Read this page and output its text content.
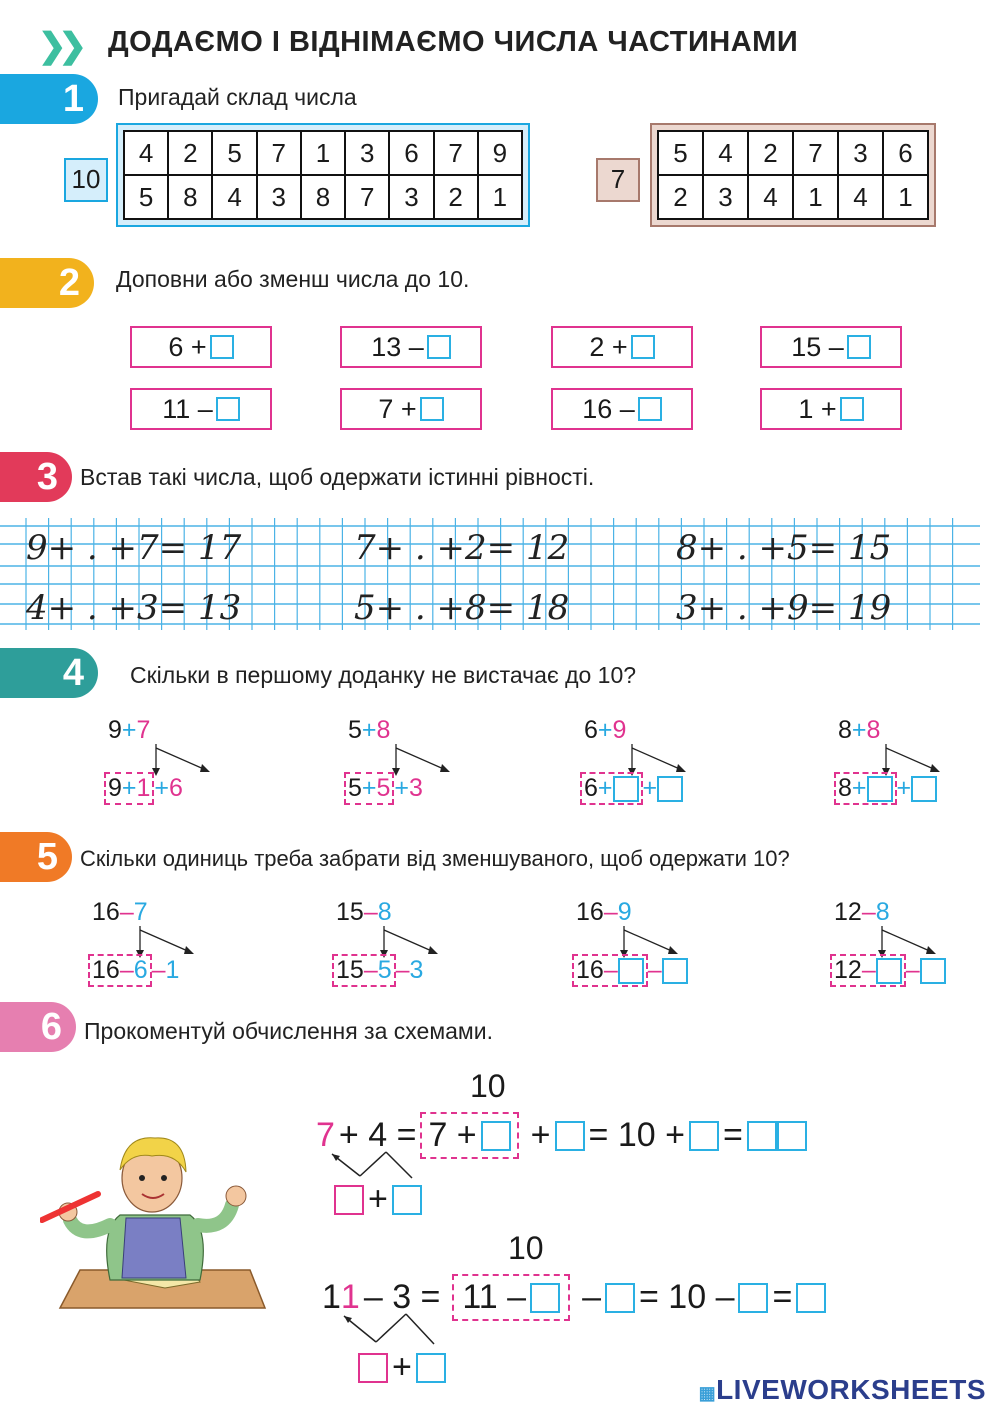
❯❯ ДОДАЄМО І ВІДНІМАЄМО ЧИСЛА ЧАСТИНАМИ
1	Пригадай склад числа
2	Доповни або зменш числа до 10.
3 Встав такі числа, щоб одержати істинні рівності.
4	Скільки в першому доданку не вистачає до 10?
5	Скільки одиниць треба забрати від зменшуваного, щоб одержати 10?
6 Прокоментуй обчислення за схемами.
10
4	2	5	7	1	3	6	7	9
5	8	4	3	8	7	3	2	1
7
5	4	2	7	3	6
2	3	4	1	4	1
6 +	13 –	2 +	15 –
11 –	7 +	16 –	1 +
9+ . +7= 17	7+ . +2= 12	8+ . +5= 15
4+ . +3= 13	5+ . +8= 18	3+ . +9= 19
9+7
9 + 1 + 6
5+8
5 + 5 + 3
6+9
6 + +
8+8
8 + +
16–7
16 – 6 – 1
15–8
15 – 5 – 3
16–9
16 – –
12–8
12 – –
10
7 + 4 = 7 + + = 10 + =
+
10
1 1 – 3 = 11 – – = 10 – =
+
▦LIVEWORKSHEETS
